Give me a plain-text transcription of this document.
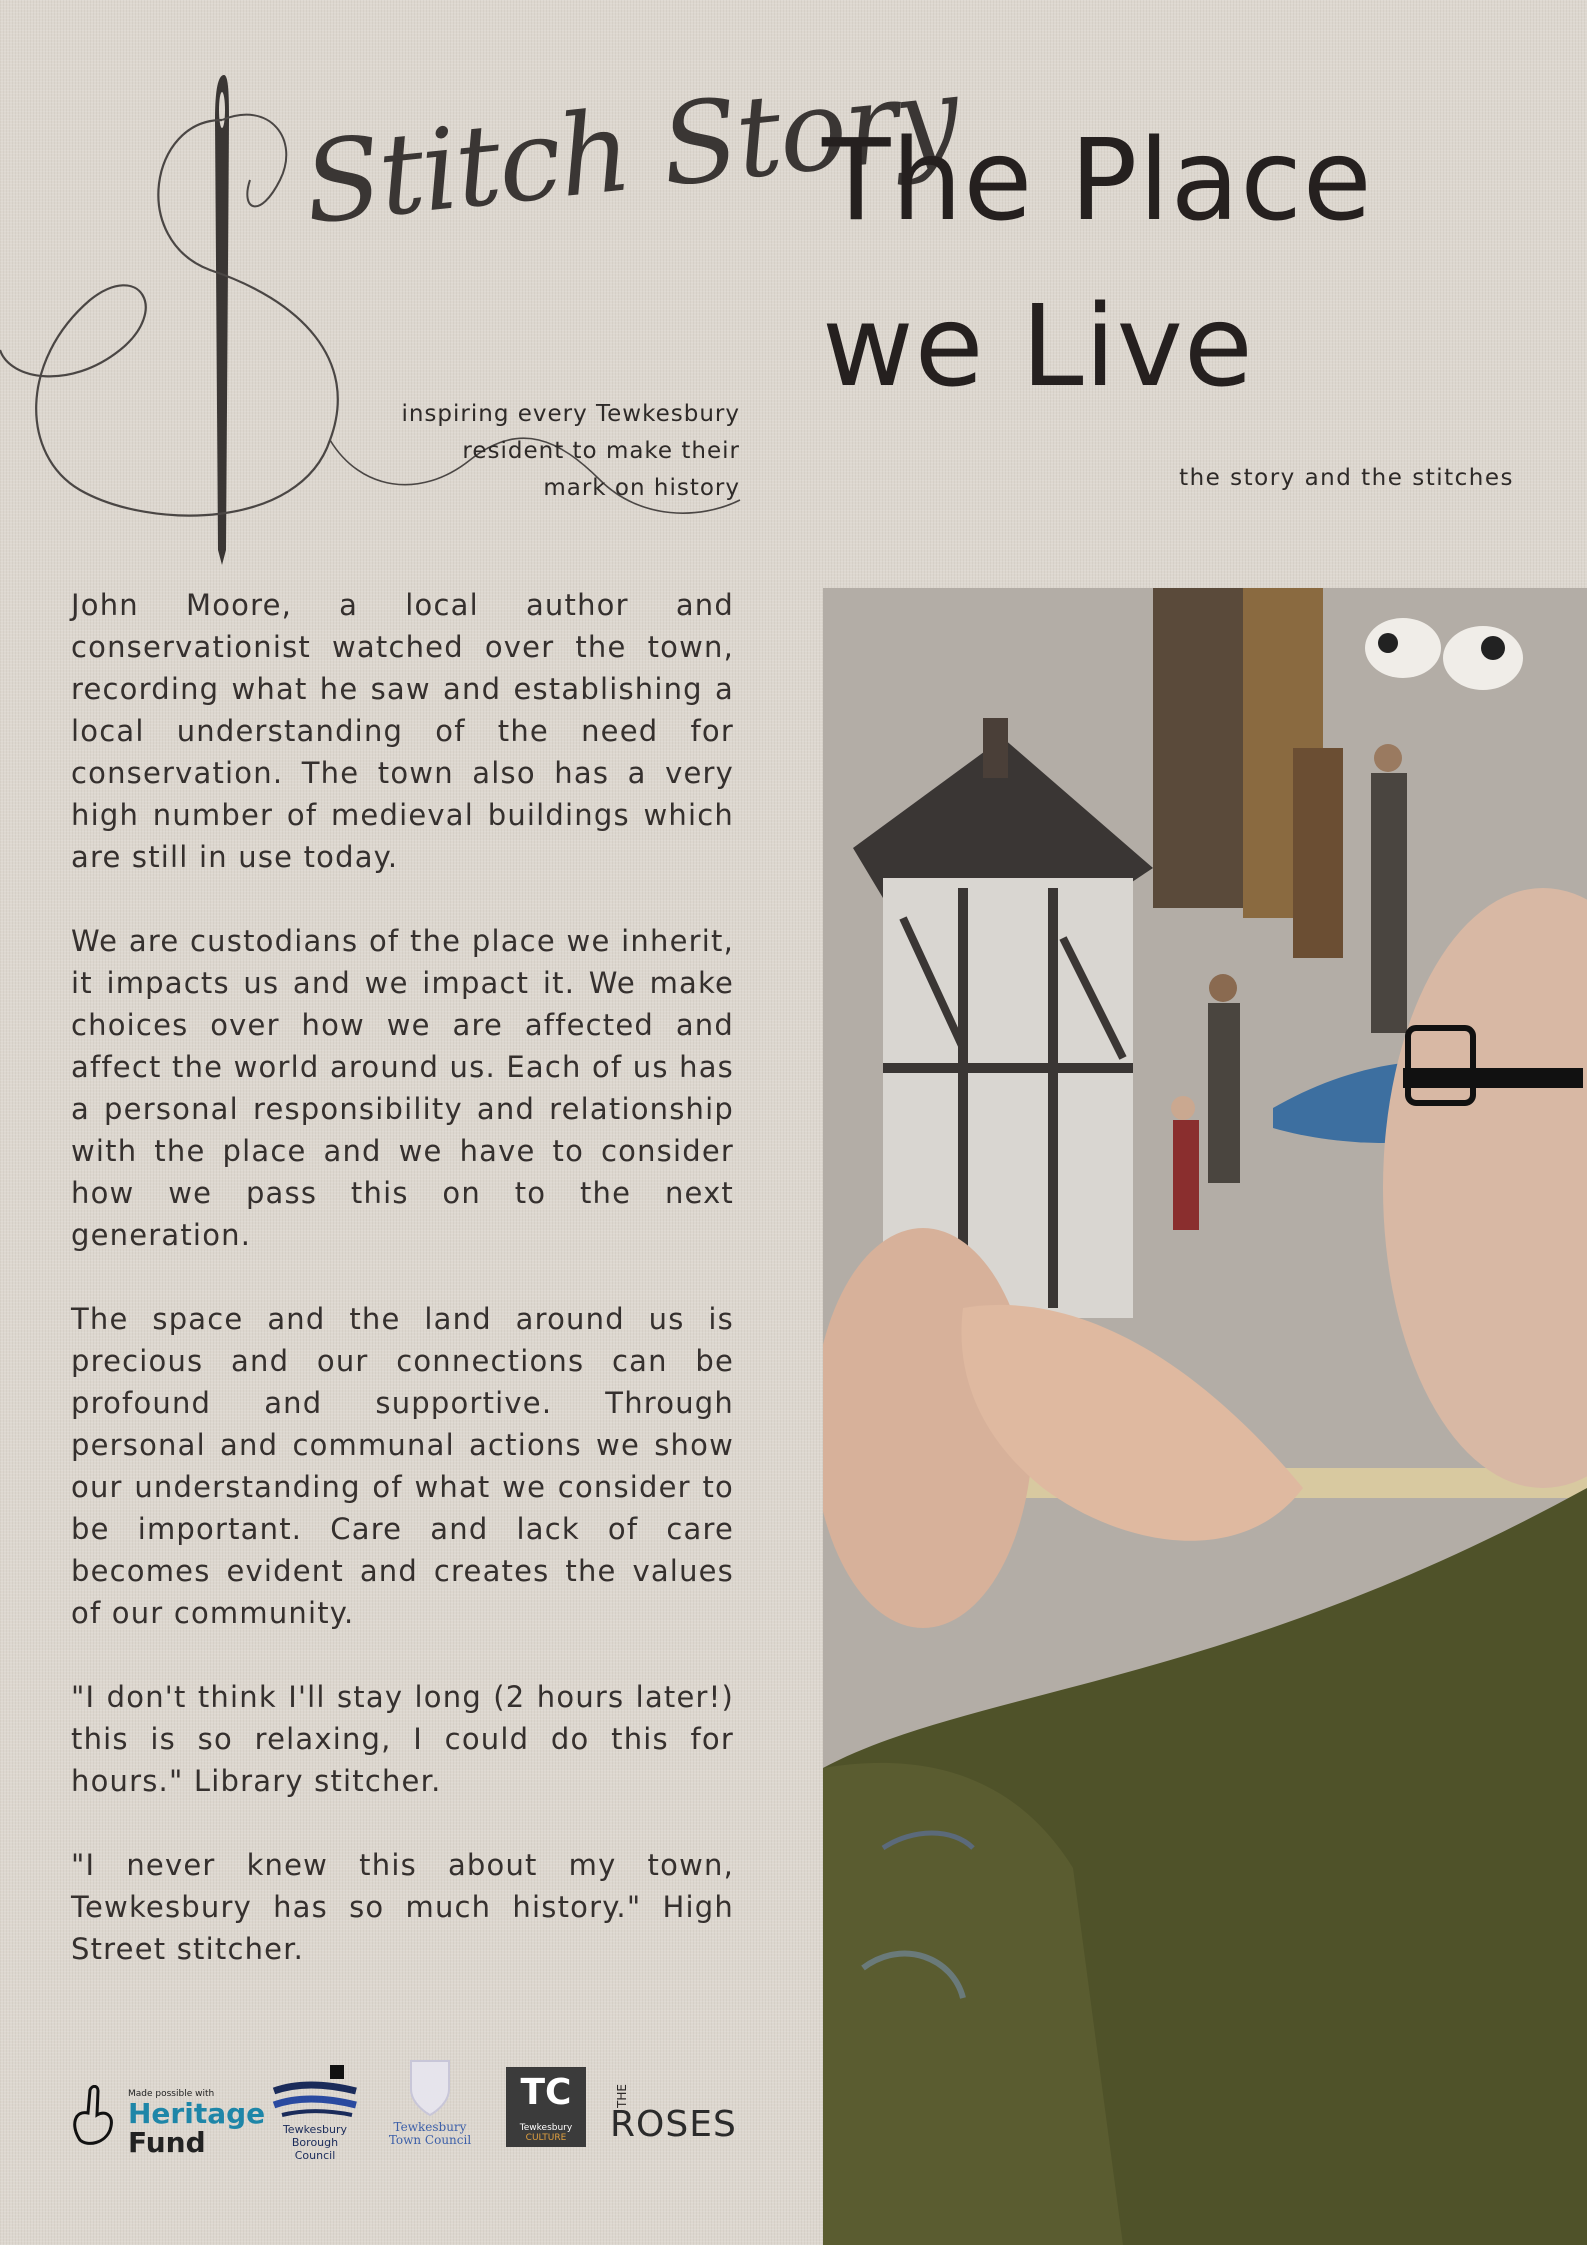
Stitch Story
inspiring every Tewkesbury
resident to make their
mark on history
The Place
we Live
the story and the stitches

John Moore, a local author and conservationist watched over the town, recording what he saw and establishing a local understanding of the need for conservation. The town also has a very high number of medieval buildings which are still in use today.

We are custodians of the place we inherit, it impacts us and we impact it. We make choices over how we are affected and affect the world around us. Each of us has a personal responsibility and relationship with the place and we have to consider how we pass this on to the next generation.

The space and the land around us is precious and our connections can be profound and supportive. Through personal and communal actions we show our understanding of what we consider to be important. Care and lack of care becomes evident and creates the values of our community.

"I don't think I'll stay long (2 hours later!) this is so relaxing, I could do this for hours." Library stitcher.

"I never knew this about my town, Tewkesbury has so much history." High Street stitcher.

Made possible with
Heritage
Fund	Tewkesbury
Borough Council
Tewkesbury
Town Council
TC
Tewkesbury
CULTURE
THE ROSES
